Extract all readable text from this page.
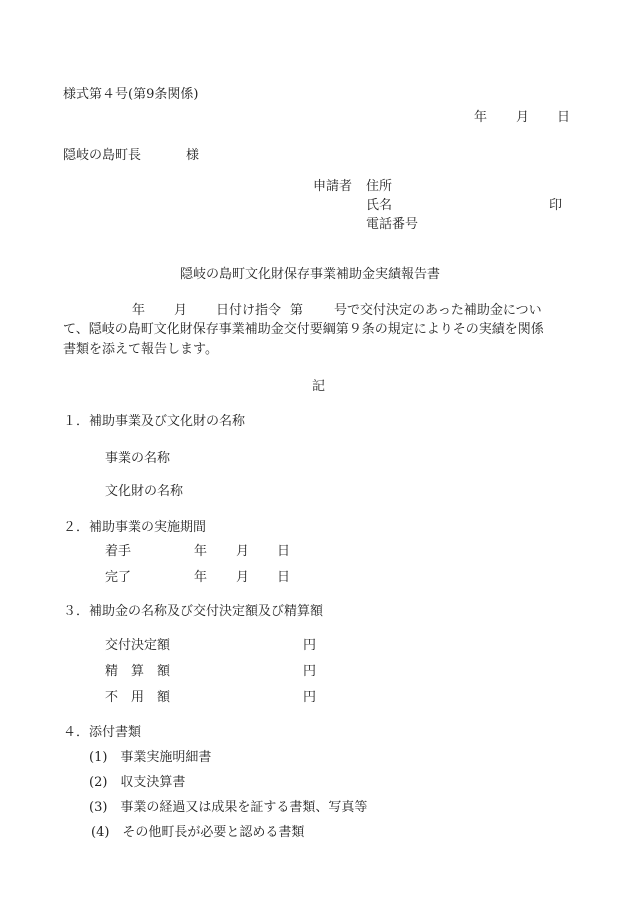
様式第４号(第9条関係)
年 月 日
隠岐の島町長	様
申請者 住所
氏名	印
電話番号
隠岐の島町文化財保存事業補助金実績報告書
年 月 日付け指令 第 号で交付決定のあった補助金につい
て、隠岐の島町文化財保存事業補助金交付要綱第９条の規定によりその実績を関係
書類を添えて報告します。
記
１．補助事業及び文化財の名称
事業の名称
文化財の名称
２．補助事業の実施期間
着手	年 月 日
完了	年 月 日
３．補助金の名称及び交付決定額及び精算額
交付決定額	円
精　算　額	円
不　用　額	円
４．添付書類
(1)　事業実施明細書
(2)　収支決算書
(3)　事業の経過又は成果を証する書類、写真等
(4)　その他町長が必要と認める書類
